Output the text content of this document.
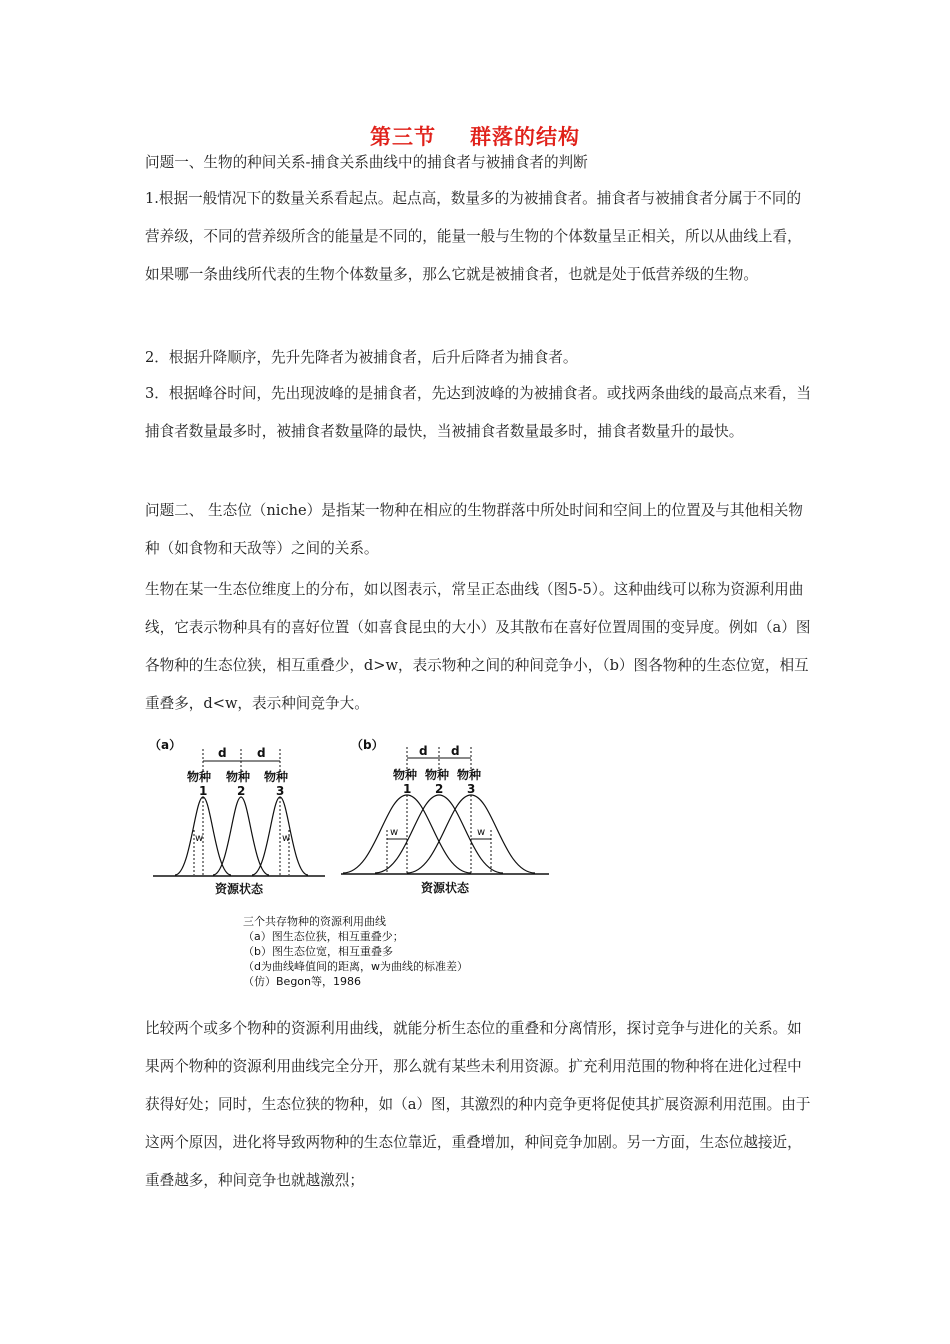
第三节 群落的结构

问题一、生物的种间关系-捕食关系曲线中的捕食者与被捕食者的判断

1.根据一般情况下的数量关系看起点。起点高，数量多的为被捕食者。捕食者与被捕食者分属于不同的营养级，不同的营养级所含的能量是不同的，能量一般与生物的个体数量呈正相关，所以从曲线上看，如果哪一条曲线所代表的生物个体数量多，那么它就是被捕食者，也就是处于低营养级的生物。

2．根据升降顺序，先升先降者为被捕食者，后升后降者为捕食者。

3．根据峰谷时间，先出现波峰的是捕食者，先达到波峰的为被捕食者。或找两条曲线的最高点来看，当捕食者数量最多时，被捕食者数量降的最快，当被捕食者数量最多时，捕食者数量升的最快。

问题二、 生态位（niche）是指某一物种在相应的生物群落中所处时间和空间上的位置及与其他相关物种（如食物和天敌等）之间的关系。

生物在某一生态位维度上的分布，如以图表示，常呈正态曲线（图5-5）。这种曲线可以称为资源利用曲线，它表示物种具有的喜好位置（如喜食昆虫的大小）及其散布在喜好位置周围的变异度。例如（a）图各物种的生态位狭，相互重叠少，d>w，表示物种之间的种间竞争小，（b）图各物种的生态位宽，相互重叠多，d<w，表示种间竞争大。

（a）
d	d
物种 物种 物种
1 2	3
w	w
资源状态
（b）	d d
物种 物种 物种
1 2 3
w	w
资源状态
三个共存物种的资源利用曲线
（a）图生态位狭，相互重叠少；
（b）图生态位宽，相互重叠多
（d为曲线峰值间的距离，w为曲线的标准差）
（仿）Begon等，1986

比较两个或多个物种的资源利用曲线，就能分析生态位的重叠和分离情形，探讨竞争与进化的关系。如果两个物种的资源利用曲线完全分开，那么就有某些未利用资源。扩充利用范围的物种将在进化过程中获得好处；同时，生态位狭的物种，如（a）图，其激烈的种内竞争更将促使其扩展资源利用范围。由于这两个原因，进化将导致两物种的生态位靠近，重叠增加，种间竞争加剧。另一方面，生态位越接近，重叠越多，种间竞争也就越激烈；
